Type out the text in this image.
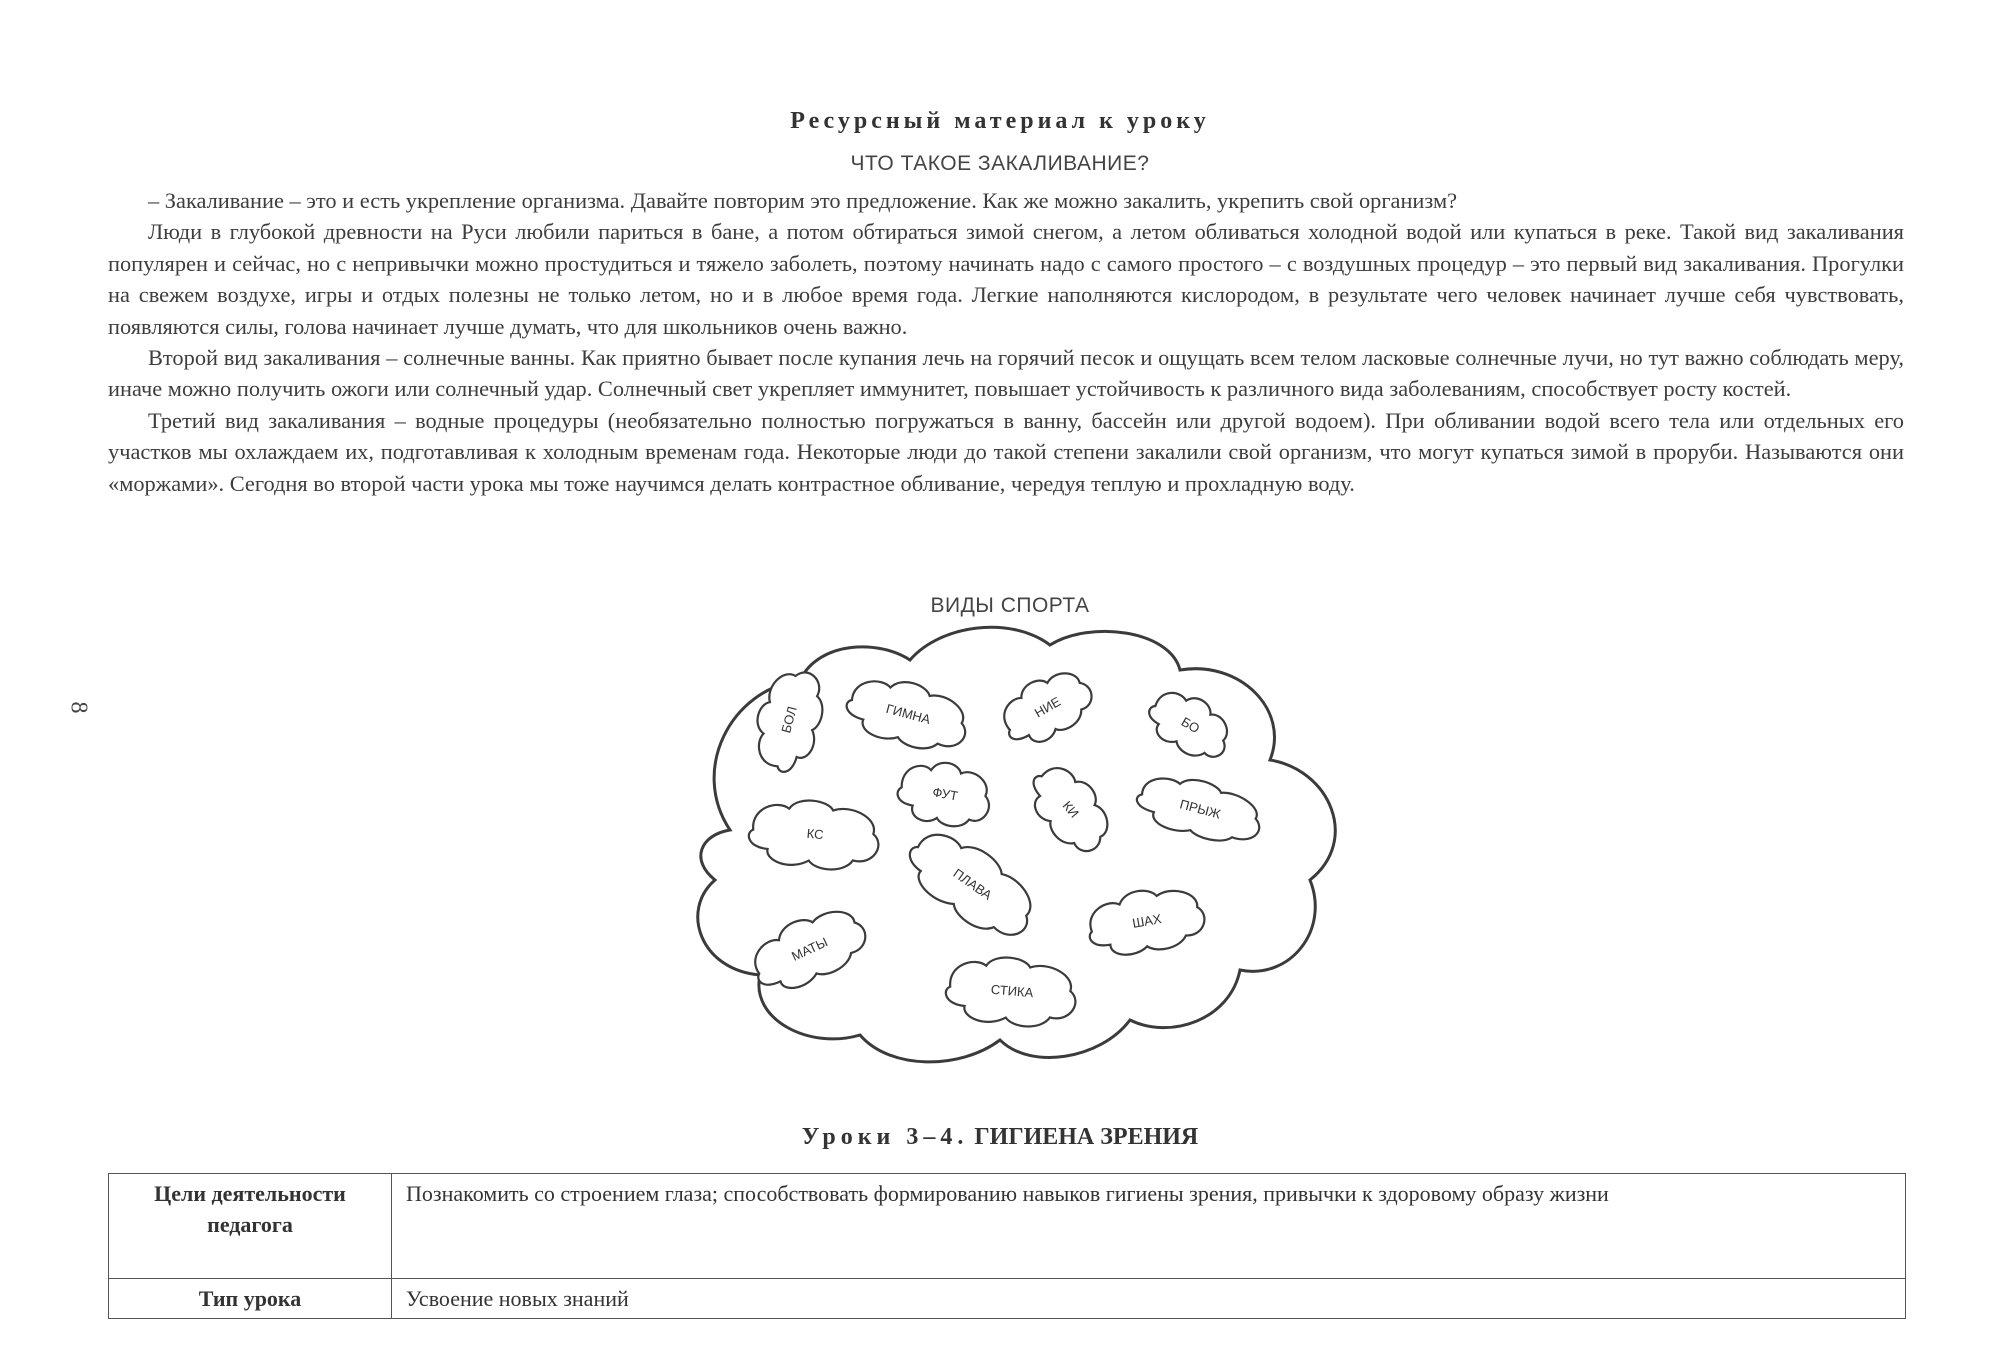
8
Ресурсный материал к уроку
ЧТО ТАКОЕ ЗАКАЛИВАНИЕ?

– Закаливание – это и есть укрепление организма. Давайте повторим это предложение. Как же можно закалить, укрепить свой организм?

Люди в глубокой древности на Руси любили париться в бане, а потом обтираться зимой снегом, а летом обливаться холодной водой или купаться в реке. Такой вид закаливания популярен и сейчас, но с непривычки можно простудиться и тяжело заболеть, поэтому начинать надо с самого простого – с воздушных процедур – это первый вид закаливания. Прогулки на свежем воздухе, игры и отдых полезны не только летом, но и в любое время года. Легкие наполняются кислородом, в результате чего человек начинает лучше себя чувствовать, появляются силы, голова начинает лучше думать, что для школьников очень важно.

Второй вид закаливания – солнечные ванны. Как приятно бывает после купания лечь на горячий песок и ощущать всем телом ласковые солнечные лучи, но тут важно соблюдать меру, иначе можно получить ожоги или солнечный удар. Солнечный свет укрепляет иммунитет, повышает устойчивость к различного вида заболеваниям, способствует росту костей.

Третий вид закаливания – водные процедуры (необязательно полностью погружаться в ванну, бассейн или другой водоем). При обливании водой всего тела или отдельных его участков мы охлаждаем их, подготавливая к холодным временам года. Некоторые люди до такой степени закалили свой организм, что могут купаться зимой в проруби. Называются они «моржами». Сегодня во второй части урока мы тоже научимся делать контрастное обливание, чередуя теплую и прохладную воду.

ВИДЫ СПОРТА
БОЛ	ГИМНА	НИЕ
БО
ФУТ
КИ	ПРЫЖ
КС
ПЛАВА
ШАХ
МАТЫ
СТИКА
Уроки 3–4. ГИГИЕНА ЗРЕНИЯ
Цели деятельности педагога	Познакомить со строением глаза; способствовать формированию навыков гигиены зрения, привычки к здоровому образу жизни
Тип урока	Усвоение новых знаний
